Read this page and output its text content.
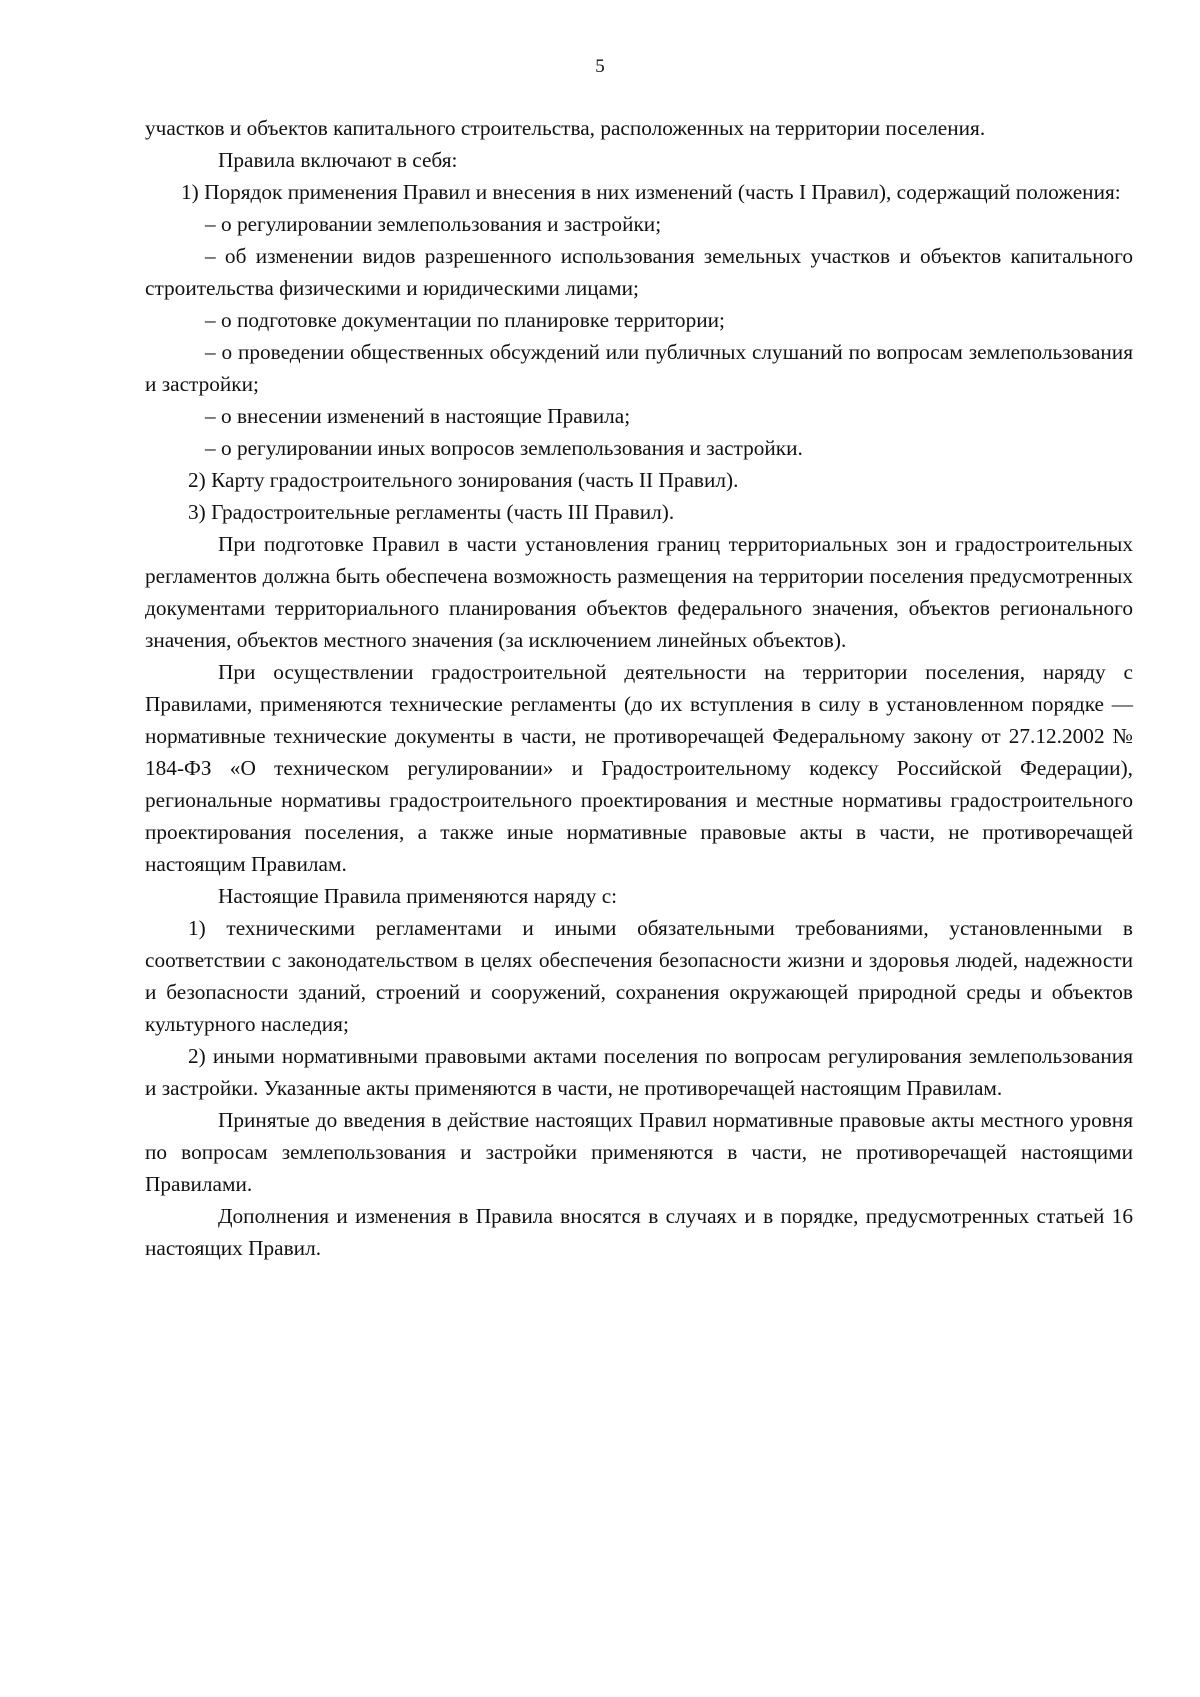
5

участков и объектов капитального строительства, расположенных на территории поселения.

Правила включают в себя:

1) Порядок применения Правил и внесения в них изменений (часть I Правил), содержащий положения:

– о регулировании землепользования и застройки;

– об изменении видов разрешенного использования земельных участков и объектов капитального строительства физическими и юридическими лицами;

– о подготовке документации по планировке территории;

– о проведении общественных обсуждений или публичных слушаний по вопросам землепользования и застройки;

– о внесении изменений в настоящие Правила;

– о регулировании иных вопросов землепользования и застройки.

2) Карту градостроительного зонирования (часть II Правил).

3) Градостроительные регламенты (часть III Правил).

При подготовке Правил в части установления границ территориальных зон и градостроительных регламентов должна быть обеспечена возможность размещения на территории поселения предусмотренных документами территориального планирования объектов федерального значения, объектов регионального значения, объектов местного значения (за исключением линейных объектов).

При осуществлении градостроительной деятельности на территории поселения, наряду с Правилами, применяются технические регламенты (до их вступления в силу в установленном порядке — нормативные технические документы в части, не противоречащей Федеральному закону от 27.12.2002 № 184-ФЗ «О техническом регулировании» и Градостроительному кодексу Российской Федерации), региональные нормативы градостроительного проектирования и местные нормативы градостроительного проектирования поселения, а также иные нормативные правовые акты в части, не противоречащей настоящим Правилам.

Настоящие Правила применяются наряду с:

1) техническими регламентами и иными обязательными требованиями, установленными в соответствии с законодательством в целях обеспечения безопасности жизни и здоровья людей, надежности и безопасности зданий, строений и сооружений, сохранения окружающей природной среды и объектов культурного наследия;

2) иными нормативными правовыми актами поселения по вопросам регулирования землепользования и застройки. Указанные акты применяются в части, не противоречащей настоящим Правилам.

Принятые до введения в действие настоящих Правил нормативные правовые акты местного уровня по вопросам землепользования и застройки применяются в части, не противоречащей настоящими Правилами.

Дополнения и изменения в Правила вносятся в случаях и в порядке, предусмотренных статьей 16 настоящих Правил.
